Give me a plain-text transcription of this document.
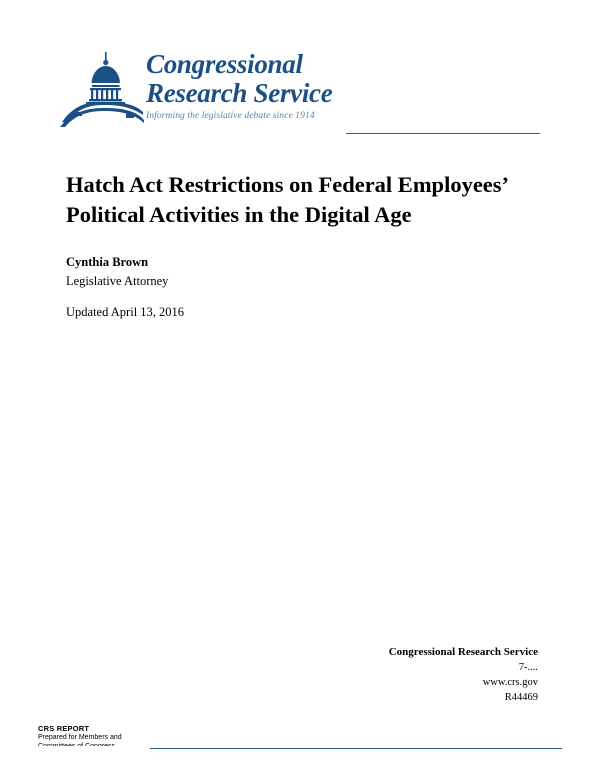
Congressional
Research Service
Informing the legislative debate since 1914
Hatch Act Restrictions on Federal Employees’ Political Activities in the Digital Age
Cynthia Brown
Legislative Attorney
Updated April 13, 2016
Congressional Research Service
7-....
www.crs.gov
R44469
CRS REPORT
Prepared for Members and
